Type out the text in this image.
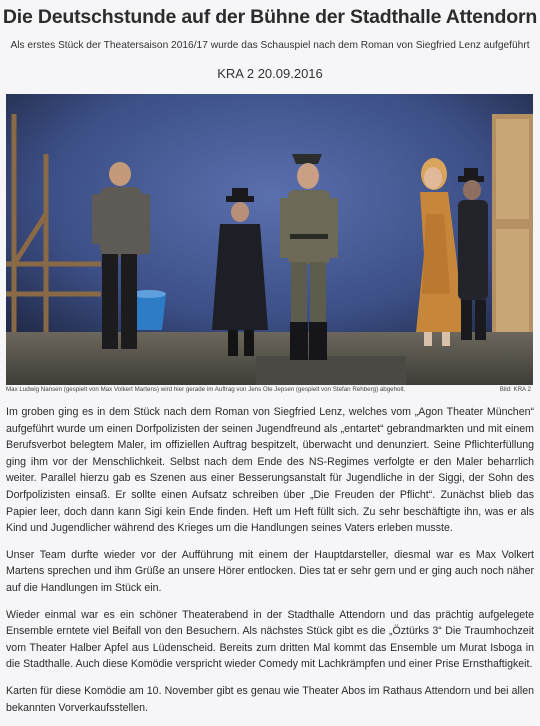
Die Deutschstunde auf der Bühne der Stadthalle Attendorn
Als erstes Stück der Theatersaison 2016/17 wurde das Schauspiel nach dem Roman von Siegfried Lenz aufgeführt
KRA 2 20.09.2016
Max Ludwig Nansen (gespielt von Max Volkert Martens) wird hier gerade im Auftrag von Jens Ole Jepsen (gespielt von Stefan Rehberg) abgeholt.	Bild: KRA 2

Im groben ging es in dem Stück nach dem Roman von Siegfried Lenz, welches vom „Agon Theater München“ aufgeführt wurde um einen Dorfpolizisten der seinen Jugendfreund als „entartet“ gebrandmarkten und mit einem Berufsverbot belegtem Maler, im offiziellen Auftrag bespitzelt, überwacht und denunziert. Seine Pflichterfüllung ging ihm vor der Menschlichkeit. Selbst nach dem Ende des NS-Regimes verfolgte er den Maler beharrlich weiter. Parallel hierzu gab es Szenen aus einer Besserungsanstalt für Jugendliche in der Siggi, der Sohn des Dorfpolizisten einsaß. Er sollte einen Aufsatz schreiben über „Die Freuden der Pflicht“. Zunächst blieb das Papier leer, doch dann kann Sigi kein Ende finden. Heft um Heft füllt sich. Zu sehr beschäftigte ihn, was er als Kind und Jugendlicher während des Krieges um die Handlungen seines Vaters erleben musste.

Unser Team durfte wieder vor der Aufführung mit einem der Hauptdarsteller, diesmal war es Max Volkert Martens sprechen und ihm Grüße an unsere Hörer entlocken. Dies tat er sehr gern und er ging auch noch näher auf die Handlungen im Stück ein.

Wieder einmal war es ein schöner Theaterabend in der Stadthalle Attendorn und das prächtig aufgelegete Ensemble erntete viel Beifall von den Besuchern. Als nächstes Stück gibt es die „Öztürks 3“ Die Traumhochzeit vom Theater Halber Apfel aus Lüdenscheid. Bereits zum dritten Mal kommt das Ensemble um Murat Isboga in die Stadthalle. Auch diese Komödie verspricht wieder Comedy mit Lachkrämpfen und einer Prise Ernsthaftigkeit.

Karten für diese Komödie am 10. November gibt es genau wie Theater Abos im Rathaus Attendorn und bei allen bekannten Vorverkaufsstellen.
